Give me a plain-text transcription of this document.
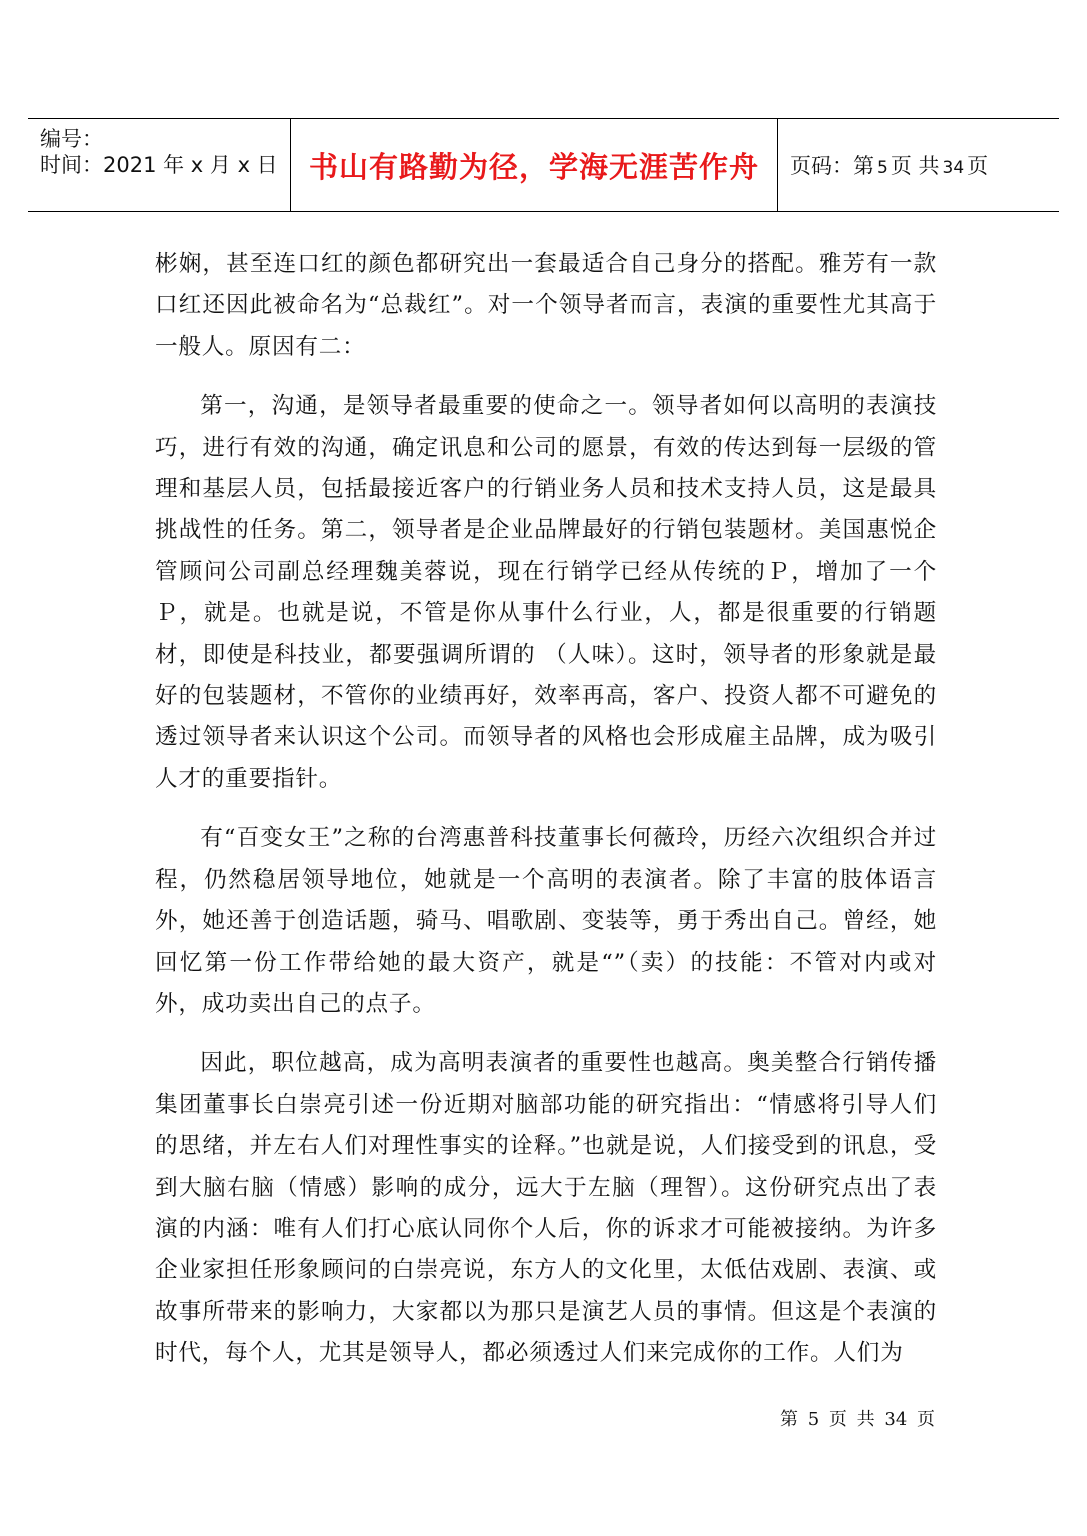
编号：
时间：2021 年 x 月 x 日 书山有路勤为径，学海无涯苦作舟 页码：第 5 页 共 34 页

彬娴，甚至连口红的颜色都研究出一套最适合自己身分的搭配。雅芳有一款口红还因此被命名为“总裁红”。对一个领导者而言，表演的重要性尤其高于一般人。原因有二：

第一，沟通，是领导者最重要的使命之一。领导者如何以高明的表演技巧，进行有效的沟通，确定讯息和公司的愿景，有效的传达到每一层级的管理和基层人员，包括最接近客户的行销业务人员和技术支持人员，这是最具挑战性的任务。第二，领导者是企业品牌最好的行销包装题材。美国惠悦企管顾问公司副总经理魏美蓉说，现在行销学已经从传统的Ｐ，增加了一个Ｐ，就是。也就是说，不管是你从事什么行业，人，都是很重要的行销题材，即使是科技业，都要强调所谓的 （人味）。这时，领导者的形象就是最好的包装题材，不管你的业绩再好，效率再高，客户、投资人都不可避免的透过领导者来认识这个公司。而领导者的风格也会形成雇主品牌，成为吸引人才的重要指针。

有“百变女王”之称的台湾惠普科技董事长何薇玲，历经六次组织合并过程，仍然稳居领导地位，她就是一个高明的表演者。除了丰富的肢体语言外，她还善于创造话题，骑马、唱歌剧、变装等，勇于秀出自己。曾经，她回忆第一份工作带给她的最大资产，就是“”（卖）的技能：不管对内或对外，成功卖出自己的点子。

因此，职位越高，成为高明表演者的重要性也越高。奥美整合行销传播集团董事长白崇亮引述一份近期对脑部功能的研究指出：“情感将引导人们的思绪，并左右人们对理性事实的诠释。”也就是说，人们接受到的讯息，受到大脑右脑（情感）影响的成分，远大于左脑（理智）。这份研究点出了表演的内涵：唯有人们打心底认同你个人后，你的诉求才可能被接纳。为许多企业家担任形象顾问的白崇亮说，东方人的文化里，太低估戏剧、表演、或故事所带来的影响力，大家都以为那只是演艺人员的事情。但这是个表演的时代，每个人，尤其是领导人，都必须透过人们来完成你的工作。人们为

第 5 页 共 34 页
